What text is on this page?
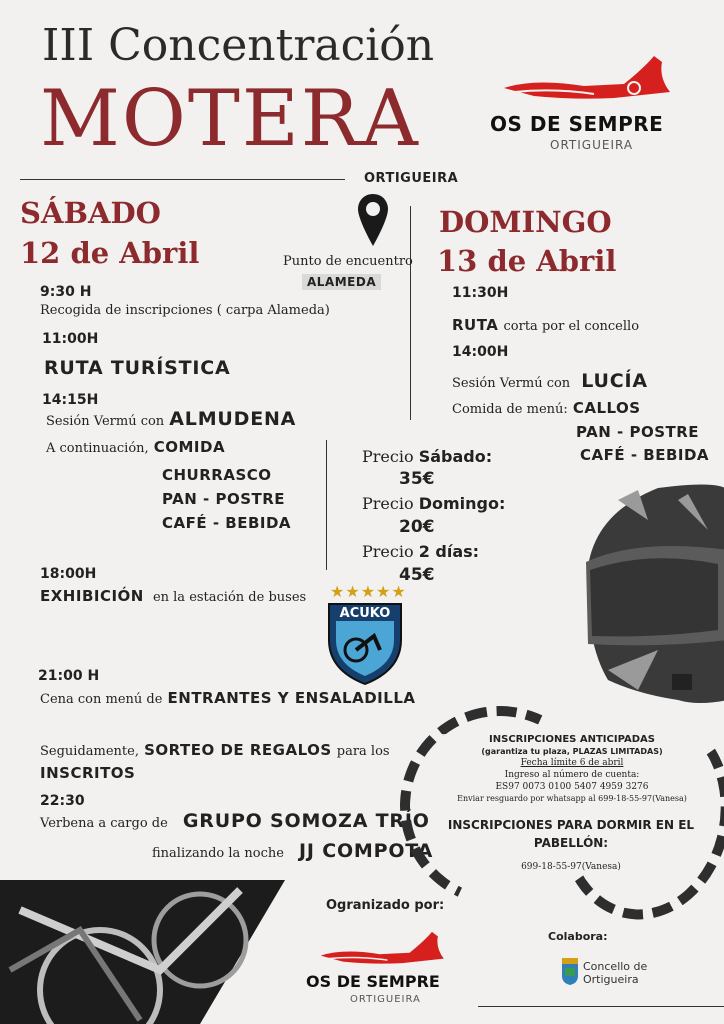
III Concentración
MOTERA	OS DE SEMPRE
ORTIGUEIRA
ORTIGUEIRA
Punto de encuentro
ALAMEDA
SÁBADO
12 de Abril
9:30 H
Recogida de inscripciones ( carpa Alameda)
11:00H
RUTA TURÍSTICA
14:15H
Sesión Vermú con ALMUDENA
A continuación, COMIDA
CHURRASCO
PAN - POSTRE
CAFÉ - BEBIDA
18:00H
EXHIBICIÓN en la estación de buses ★★★★★
ACUKO
21:00 H
Cena con menú de ENTRANTES Y ENSALADILLA
Seguidamente, SORTEO DE REGALOS para los
INSCRITOS
22:30
Verbena a cargo de GRUPO SOMOZA TRÍO
finalizando la noche JJ COMPOTA
DOMINGO
13 de Abril
11:30H
RUTA corta por el concello
14:00H
Sesión Vermú con LUCÍA
Comida de menú: CALLOS
PAN - POSTRE
CAFÉ - BEBIDA
Precio Sábado:
35€
Precio Domingo:
20€
Precio 2 días:
45€
INSCRIPCIONES ANTICIPADAS
(garantiza tu plaza, PLAZAS LIMITADAS)
Fecha límite 6 de abril
Ingreso al número de cuenta:
ES97 0073 0100 5407 4959 3276
Enviar resguardo por whatsapp al 699-18-55-97(Vanesa)
INSCRIPCIONES PARA DORMIR EN EL PABELLÓN:
699-18-55-97(Vanesa)
Ogranizado por:
OS DE SEMPRE
ORTIGUEIRA
Colabora:
Concello de
Ortigueira
